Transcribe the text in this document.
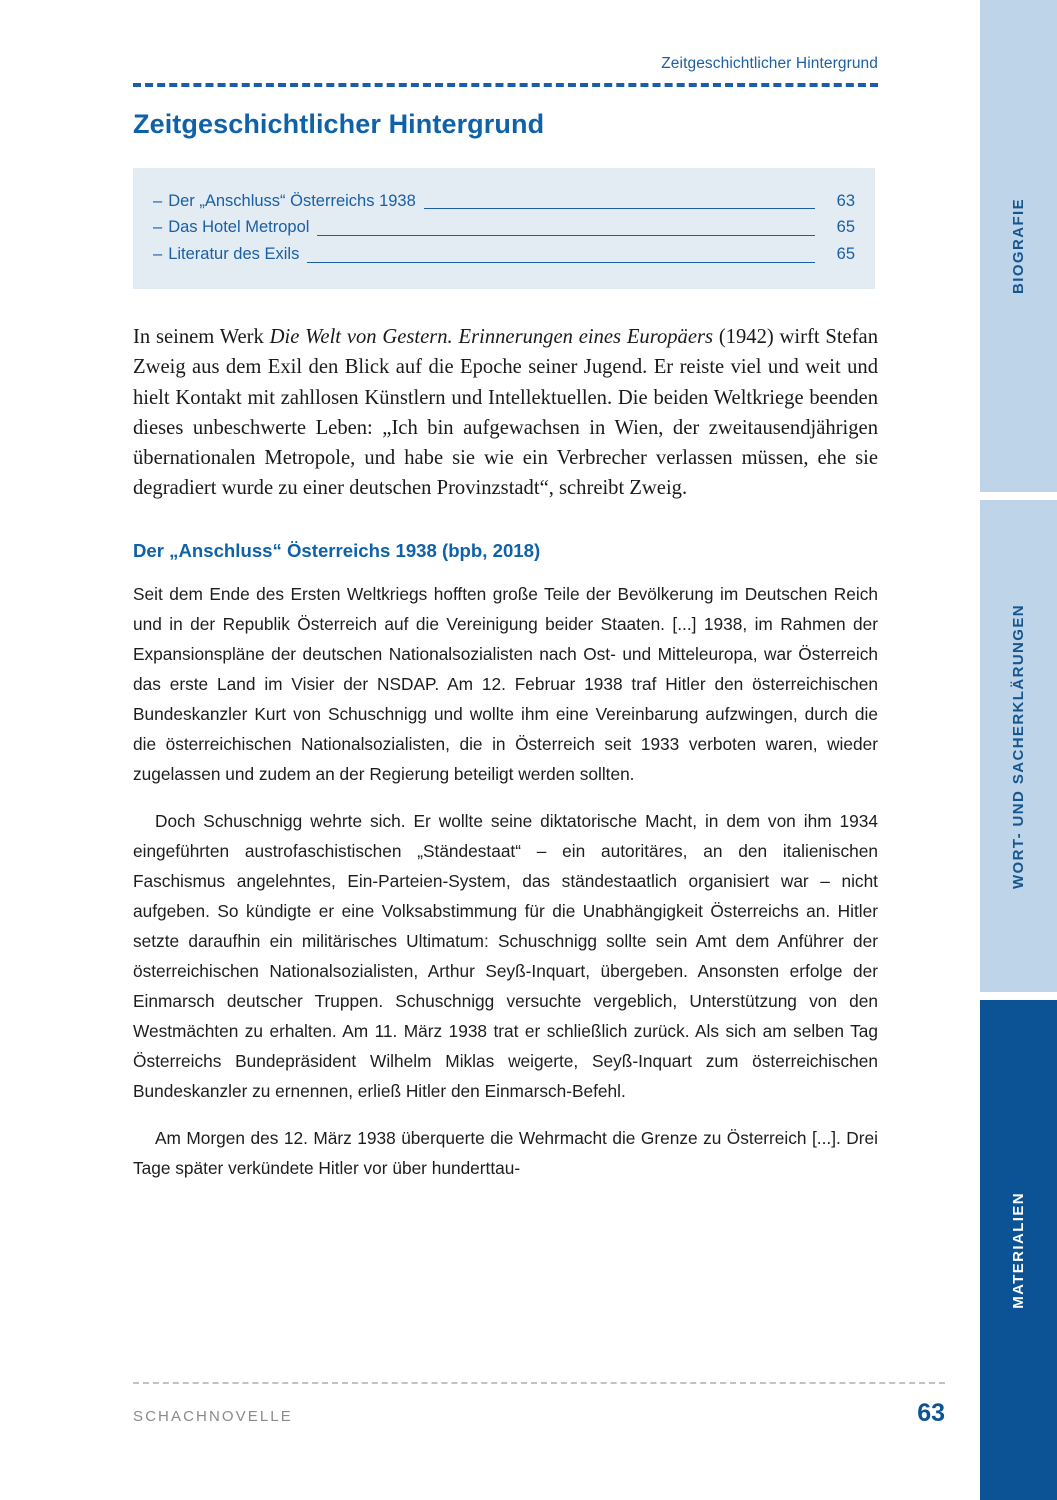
BIOGRAFIE
WORT- UND SACHERKLÄRUNGEN
MATERIALIEN
Zeitgeschichtlicher Hintergrund
Zeitgeschichtlicher Hintergrund
– Der „Anschluss“ Österreichs 1938	63
– Das Hotel Metropol	65
– Literatur des Exils	65

In seinem Werk Die Welt von Gestern. Erinnerungen eines Europäers (1942) wirft Stefan Zweig aus dem Exil den Blick auf die Epoche seiner Jugend. Er reiste viel und weit und hielt Kontakt mit zahllosen Künstlern und Intellektuellen. Die beiden Weltkriege beenden dieses unbeschwerte Leben: „Ich bin aufgewachsen in Wien, der zweitausendjährigen übernationalen Metropole, und habe sie wie ein Verbrecher verlassen müssen, ehe sie degradiert wurde zu einer deutschen Provinzstadt“, schreibt Zweig.

Der „Anschluss“ Österreichs 1938 (bpb, 2018)

Seit dem Ende des Ersten Weltkriegs hofften große Teile der Bevölkerung im Deutschen Reich und in der Republik Österreich auf die Vereinigung beider Staaten. [...] 1938, im Rahmen der Expansionspläne der deutschen Nationalsozialisten nach Ost- und Mitteleuropa, war Österreich das erste Land im Visier der NSDAP. Am 12. Februar 1938 traf Hitler den österreichischen Bundeskanzler Kurt von Schuschnigg und wollte ihm eine Vereinbarung aufzwingen, durch die die österreichischen Nationalsozialisten, die in Österreich seit 1933 verboten waren, wieder zugelassen und zudem an der Regierung beteiligt werden sollten.

Doch Schuschnigg wehrte sich. Er wollte seine diktatorische Macht, in dem von ihm 1934 eingeführten austrofaschistischen „Ständestaat“ – ein autoritäres, an den italienischen Faschismus angelehntes, Ein-Parteien-System, das ständestaatlich organisiert war – nicht aufgeben. So kündigte er eine Volksabstimmung für die Unabhängigkeit Österreichs an. Hitler setzte daraufhin ein militärisches Ultimatum: Schuschnigg sollte sein Amt dem Anführer der österreichischen Nationalsozialisten, Arthur Seyß-Inquart, übergeben. Ansonsten erfolge der Einmarsch deutscher Truppen. Schuschnigg versuchte vergeblich, Unterstützung von den Westmächten zu erhalten. Am 11. März 1938 trat er schließlich zurück. Als sich am selben Tag Österreichs Bundepräsident Wilhelm Miklas weigerte, Seyß-Inquart zum österreichischen Bundeskanzler zu ernennen, erließ Hitler den Einmarsch-Befehl.

Am Morgen des 12. März 1938 überquerte die Wehrmacht die Grenze zu Österreich [...]. Drei Tage später verkündete Hitler vor über hunderttau-

SCHACHNOVELLE	63
